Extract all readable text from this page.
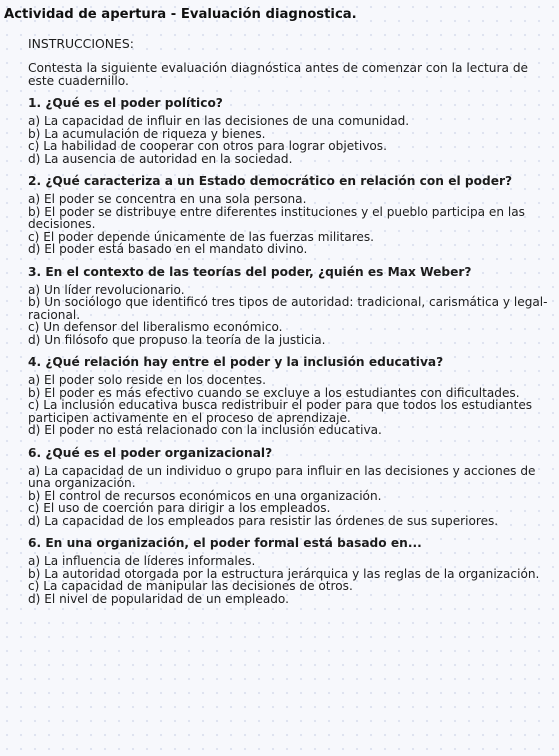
Actividad de apertura - Evaluación diagnostica.

INSTRUCCIONES:

Contesta la siguiente evaluación diagnóstica antes de comenzar con la lectura de este cuadernillo.

1. ¿Qué es el poder político?

a) La capacidad de influir en las decisiones de una comunidad.
b) La acumulación de riqueza y bienes.
c) La habilidad de cooperar con otros para lograr objetivos.
d) La ausencia de autoridad en la sociedad.

2. ¿Qué caracteriza a un Estado democrático en relación con el poder?

a) El poder se concentra en una sola persona.
b) El poder se distribuye entre diferentes instituciones y el pueblo participa en las decisiones.
c) El poder depende únicamente de las fuerzas militares.
d) El poder está basado en el mandato divino.

3. En el contexto de las teorías del poder, ¿quién es Max Weber?

a) Un líder revolucionario.
b) Un sociólogo que identificó tres tipos de autoridad: tradicional, carismática y legal-racional.
c) Un defensor del liberalismo económico.
d) Un filósofo que propuso la teoría de la justicia.

4. ¿Qué relación hay entre el poder y la inclusión educativa?

a) El poder solo reside en los docentes.
b) El poder es más efectivo cuando se excluye a los estudiantes con dificultades.
c) La inclusión educativa busca redistribuir el poder para que todos los estudiantes participen activamente en el proceso de aprendizaje.
d) El poder no está relacionado con la inclusión educativa.

6. ¿Qué es el poder organizacional?

a) La capacidad de un individuo o grupo para influir en las decisiones y acciones de una organización.
b) El control de recursos económicos en una organización.
c) El uso de coerción para dirigir a los empleados.
d) La capacidad de los empleados para resistir las órdenes de sus superiores.

6. En una organización, el poder formal está basado en...

a) La influencia de líderes informales.
b) La autoridad otorgada por la estructura jerárquica y las reglas de la organización.
c) La capacidad de manipular las decisiones de otros.
d) El nivel de popularidad de un empleado.
